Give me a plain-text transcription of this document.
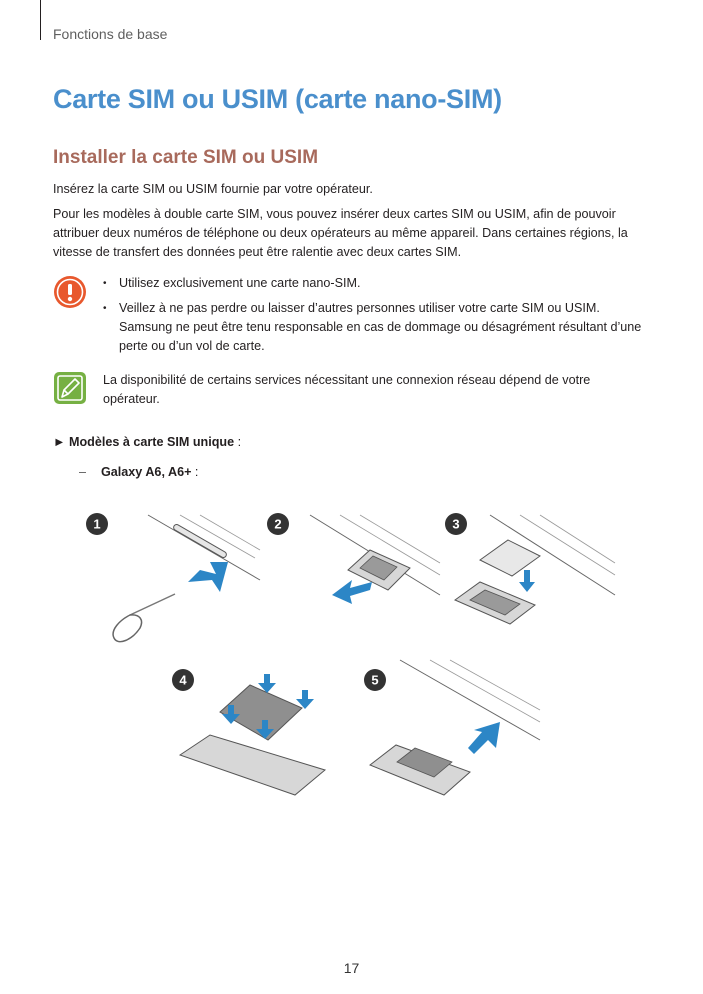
Fonctions de base
Carte SIM ou USIM (carte nano-SIM)
Installer la carte SIM ou USIM
Insérez la carte SIM ou USIM fournie par votre opérateur.
Pour les modèles à double carte SIM, vous pouvez insérer deux cartes SIM ou USIM, afin de pouvoir attribuer deux numéros de téléphone ou deux opérateurs au même appareil. Dans certaines régions, la vitesse de transfert des données peut être ralentie avec deux cartes SIM.
• Utilisez exclusivement une carte nano-SIM.
• Veillez à ne pas perdre ou laisser d’autres personnes utiliser votre carte SIM ou USIM. Samsung ne peut être tenu responsable en cas de dommage ou désagrément résultant d’une perte ou d’un vol de carte.
La disponibilité de certains services nécessitant une connexion réseau dépend de votre opérateur.
► Modèles à carte SIM unique :
– Galaxy A6, A6+ :
1	2	3
4	5
17
